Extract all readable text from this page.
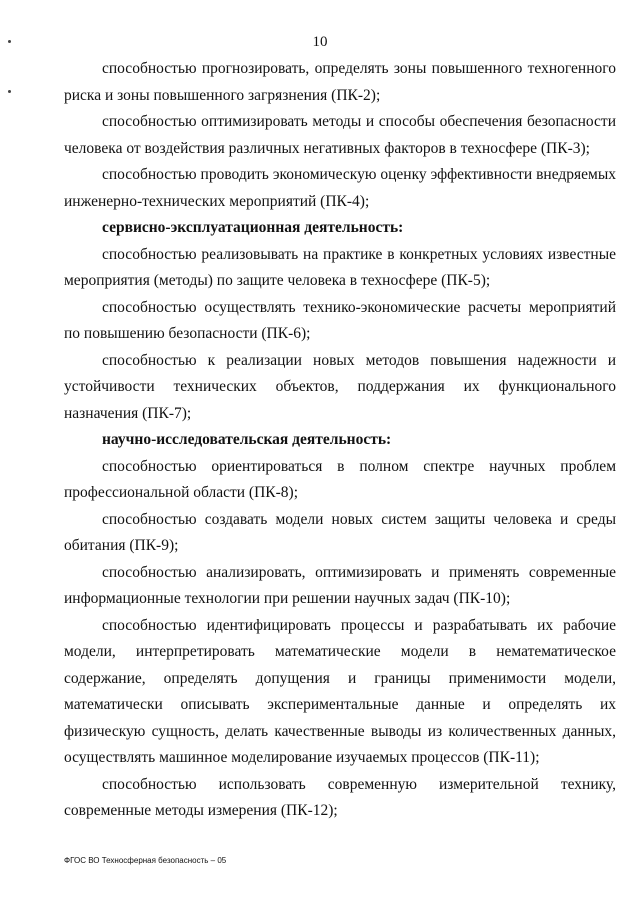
10

способностью прогнозировать, определять зоны повышенного техногенного риска и зоны повышенного загрязнения (ПК-2);

способностью оптимизировать методы и способы обеспечения безопасности человека от воздействия различных негативных факторов в техносфере (ПК-3);

способностью проводить экономическую оценку эффективности внедряемых инженерно-технических мероприятий (ПК-4);

сервисно-эксплуатационная деятельность:

способностью реализовывать на практике в конкретных условиях известные мероприятия (методы) по защите человека в техносфере (ПК-5);

способностью осуществлять технико-экономические расчеты мероприятий по повышению безопасности (ПК-6);

способностью к реализации новых методов повышения надежности и устойчивости технических объектов, поддержания их функционального назначения (ПК-7);

научно-исследовательская деятельность:

способностью ориентироваться в полном спектре научных проблем профессиональной области (ПК-8);

способностью создавать модели новых систем защиты человека и среды обитания (ПК-9);

способностью анализировать, оптимизировать и применять современные информационные технологии при решении научных задач (ПК-10);

способностью идентифицировать процессы и разрабатывать их рабочие модели, интерпретировать математические модели в нематематическое содержание, определять допущения и границы применимости модели, математически описывать экспериментальные данные и определять их физическую сущность, делать качественные выводы из количественных данных, осуществлять машинное моделирование изучаемых процессов (ПК-11);

способностью использовать современную измерительной технику, современные методы измерения (ПК-12);

ФГОС ВО Техносферная безопасность – 05
